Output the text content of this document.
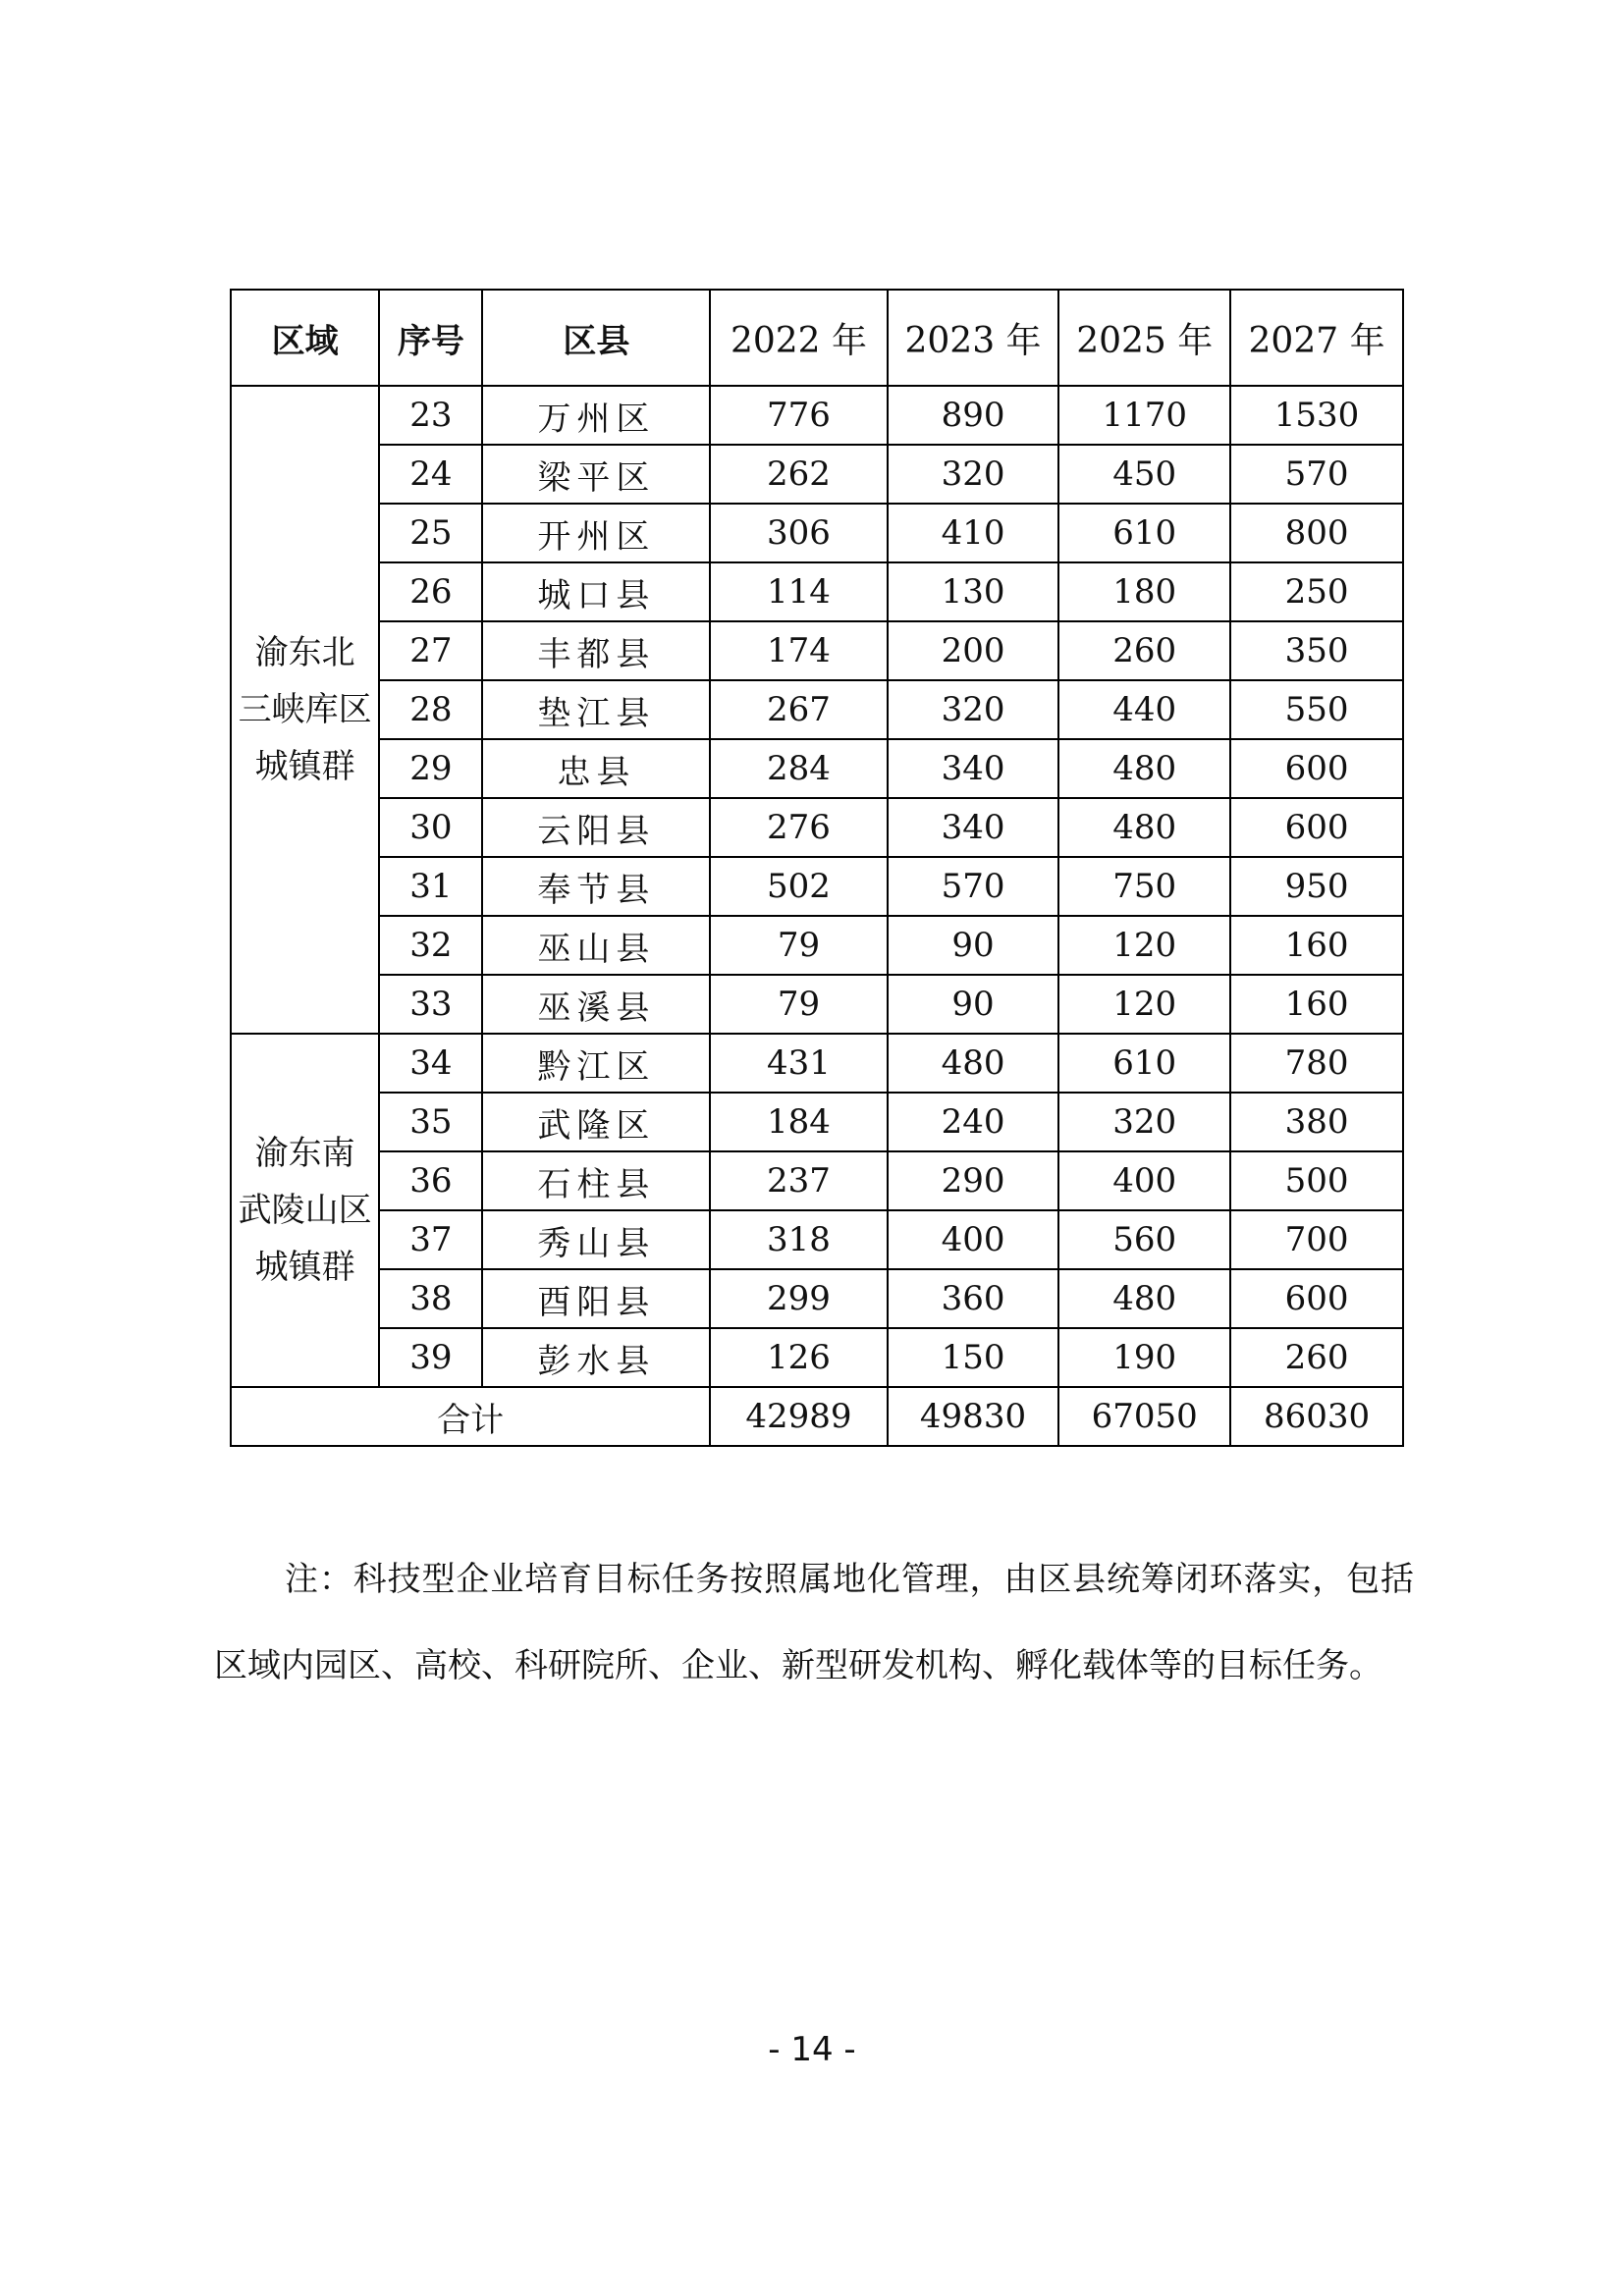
区域	序号	区县	2022 年	2023 年	2025 年	2027 年

渝东北
三峡库区
城镇群	23	万州区	776	890	1170	1530
	24	梁平区	262	320	450	570
	25	开州区	306	410	610	800
	26	城口县	114	130	180	250
	27	丰都县	174	200	260	350
	28	垫江县	267	320	440	550
	29	忠县	284	340	480	600
	30	云阳县	276	340	480	600
	31	奉节县	502	570	750	950
	32	巫山县	79	90	120	160
	33	巫溪县	79	90	120	160

渝东南
武陵山区
城镇群	34	黔江区	431	480	610	780
	35	武隆区	184	240	320	380
	36	石柱县	237	290	400	500
	37	秀山县	318	400	560	700
	38	酉阳县	299	360	480	600
	39	彭水县	126	150	190	260
合计			42989	49830	67050	86030

注：科技型企业培育目标任务按照属地化管理，由区县统筹闭环落实，包括区域内园区、高校、科研院所、企业、新型研发机构、孵化载体等的目标任务。

- 14 -
